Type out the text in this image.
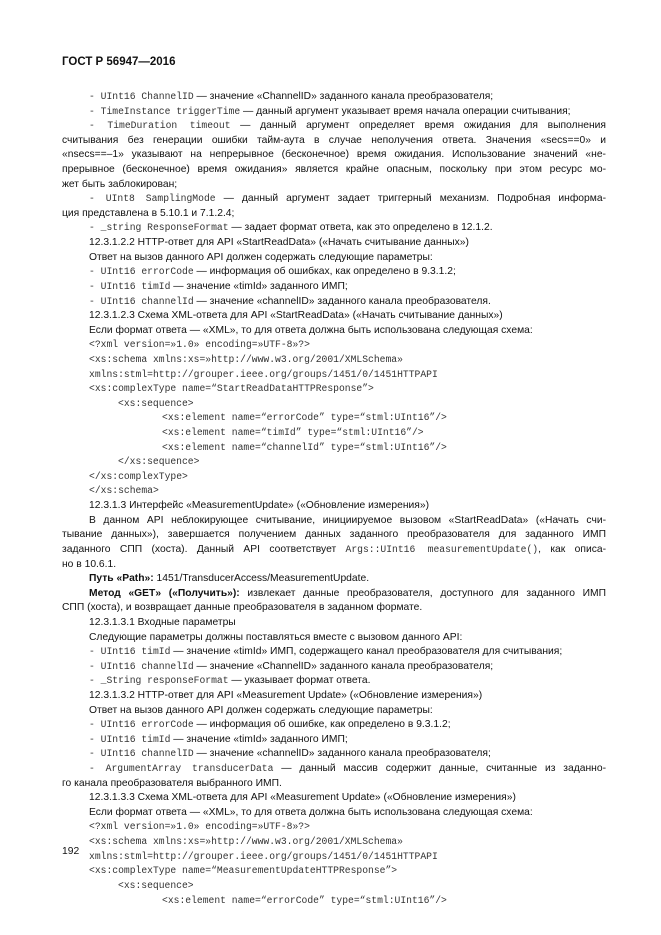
ГОСТ Р 56947—2016
- UInt16 ChannelID — значение «ChannelID» заданного канала преобразователя;
- TimeInstance triggerTime — данный аргумент указывает время начала операции считывания;
- TimeDuration timeout — данный аргумент определяет время ожидания для выполнения
считывания без генерации ошибки тайм-аута в случае неполучения ответа. Значения «secs==0» и
«nsecs==–1» указывают на непрерывное (бесконечное) время ожидания. Использование значений «не-
прерывное (бесконечное) время ожидания» является крайне опасным, поскольку при этом ресурс мо-
жет быть заблокирован;
- UInt8 SamplingMode — данный аргумент задает триггерный механизм. Подробная информа-
ция представлена в 5.10.1 и 7.1.2.4;
- _string ResponseFormat — задает формат ответа, как это определено в 12.1.2.
12.3.1.2.2 HTTP-ответ для API «StartReadData» («Начать считывание данных»)
Ответ на вызов данного API должен содержать следующие параметры:
- UInt16 errorCode — информация об ошибках, как определено в 9.3.1.2;
- UInt16 timId — значение «timId» заданного ИМП;
- UInt16 channelId — значение «channelID» заданного канала преобразователя.
12.3.1.2.3 Схема XML-ответа для API «StartReadData» («Начать считывание данных»)
Если формат ответа — «XML», то для ответа должна быть использована следующая схема:
<?xml version=»1.0» encoding=»UTF-8»?>
<xs:schema xmlns:xs=»http://www.w3.org/2001/XMLSchema»
xmlns:stml=http://grouper.ieee.org/groups/1451/0/1451HTTPAPI
<xs:complexType name=“StartReadDataHTTPResponse”>
<xs:sequence>
<xs:element name=“errorCode” type=“stml:UInt16”/>
<xs:element name=“timId” type=“stml:UInt16”/>
<xs:element name=“channelId” type=“stml:UInt16”/>
</xs:sequence>
</xs:complexType>
</xs:schema>
12.3.1.3 Интерфейс «MeasurementUpdate» («Обновление измерения»)
В данном API неблокирующее считывание, инициируемое вызовом «StartReadData» («Начать счи-
тывание данных»), завершается получением данных заданного преобразователя для заданного ИМП
заданного СПП (хоста). Данный API соответствует Args::UInt16 measurementUpdate(), как описа-
но в 10.6.1.
Путь «Path»: 1451/TransducerAccess/MeasurementUpdate.
Метод «GET» («Получить»): извлекает данные преобразователя, доступного для заданного ИМП
СПП (хоста), и возвращает данные преобразователя в заданном формате.
12.3.1.3.1 Входные параметры
Следующие параметры должны поставляться вместе с вызовом данного API:
- UInt16 timId — значение «timId» ИМП, содержащего канал преобразователя для считывания;
- UInt16 channelId — значение «ChannelID» заданного канала преобразователя;
- _String responseFormat — указывает формат ответа.
12.3.1.3.2 HTTP-ответ для API «Measurement Update» («Обновление измерения»)
Ответ на вызов данного API должен содержать следующие параметры:
- UInt16 errorCode — информация об ошибке, как определено в 9.3.1.2;
- UInt16 timId — значение «timId» заданного ИМП;
- UInt16 channelID — значение «channelID» заданного канала преобразователя;
- ArgumentArray transducerData — данный массив содержит данные, считанные из заданно-
го канала преобразователя выбранного ИМП.
12.3.1.3.3 Схема XML-ответа для API «Measurement Update» («Обновление измерения»)
Если формат ответа — «XML», то для ответа должна быть использована следующая схема:
<?xml version=»1.0» encoding=»UTF-8»?>
<xs:schema xmlns:xs=»http://www.w3.org/2001/XMLSchema»
xmlns:stml=http://grouper.ieee.org/groups/1451/0/1451HTTPAPI
<xs:complexType name=“MeasurementUpdateHTTPResponse”>
<xs:sequence>
<xs:element name=“errorCode” type=“stml:UInt16”/>
192
